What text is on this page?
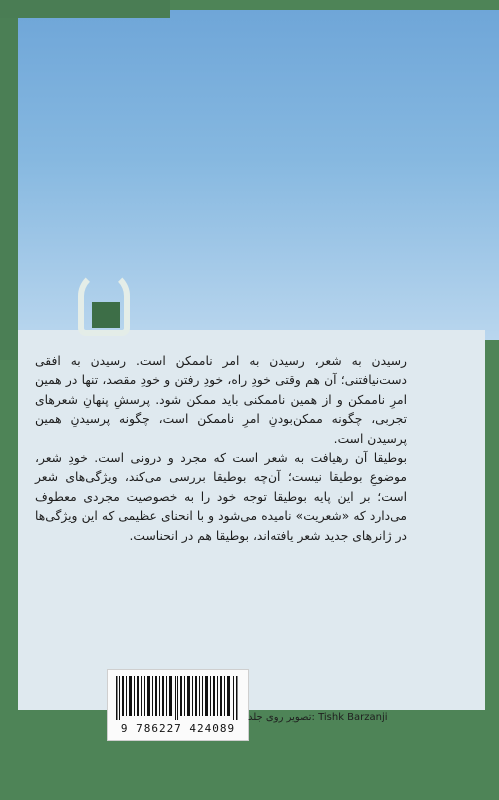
رسیدن به شعر، رسیدن به امر ناممکن است. رسیدن به افقی دست‌نیافتنی؛ آن هم وقتی خودِ راه، خودِ رفتن و خودِ مقصد، تنها در همین امرِ ناممکن و از همین ناممکنی باید ممکن شود. پرسشِ پنهانِ شعرهای تجربی، چگونه ممکن‌بودنِ امرِ ناممکن است، چگونه پرسیدنِ همین پرسیدن است.

بوطیقا آن رهیافت به شعر است که مجرد و درونی است. خودِ شعر، موضوعِ بوطیقا نیست؛ آن‌چه بوطیقا بررسی می‌کند، ویژگی‌های شعر است؛ بر این پایه بوطیقا توجه خود را به خصوصیت مجردی معطوف می‌دارد که «شعریت» نامیده می‌شود و با انحنای عظیمی که این ویژگی‌ها در ژانرهای جدید شعر یافته‌اند، بوطیقا هم در انحناست.

9 786227 424089
تصویر روی جلد: Tishk Barzanji
